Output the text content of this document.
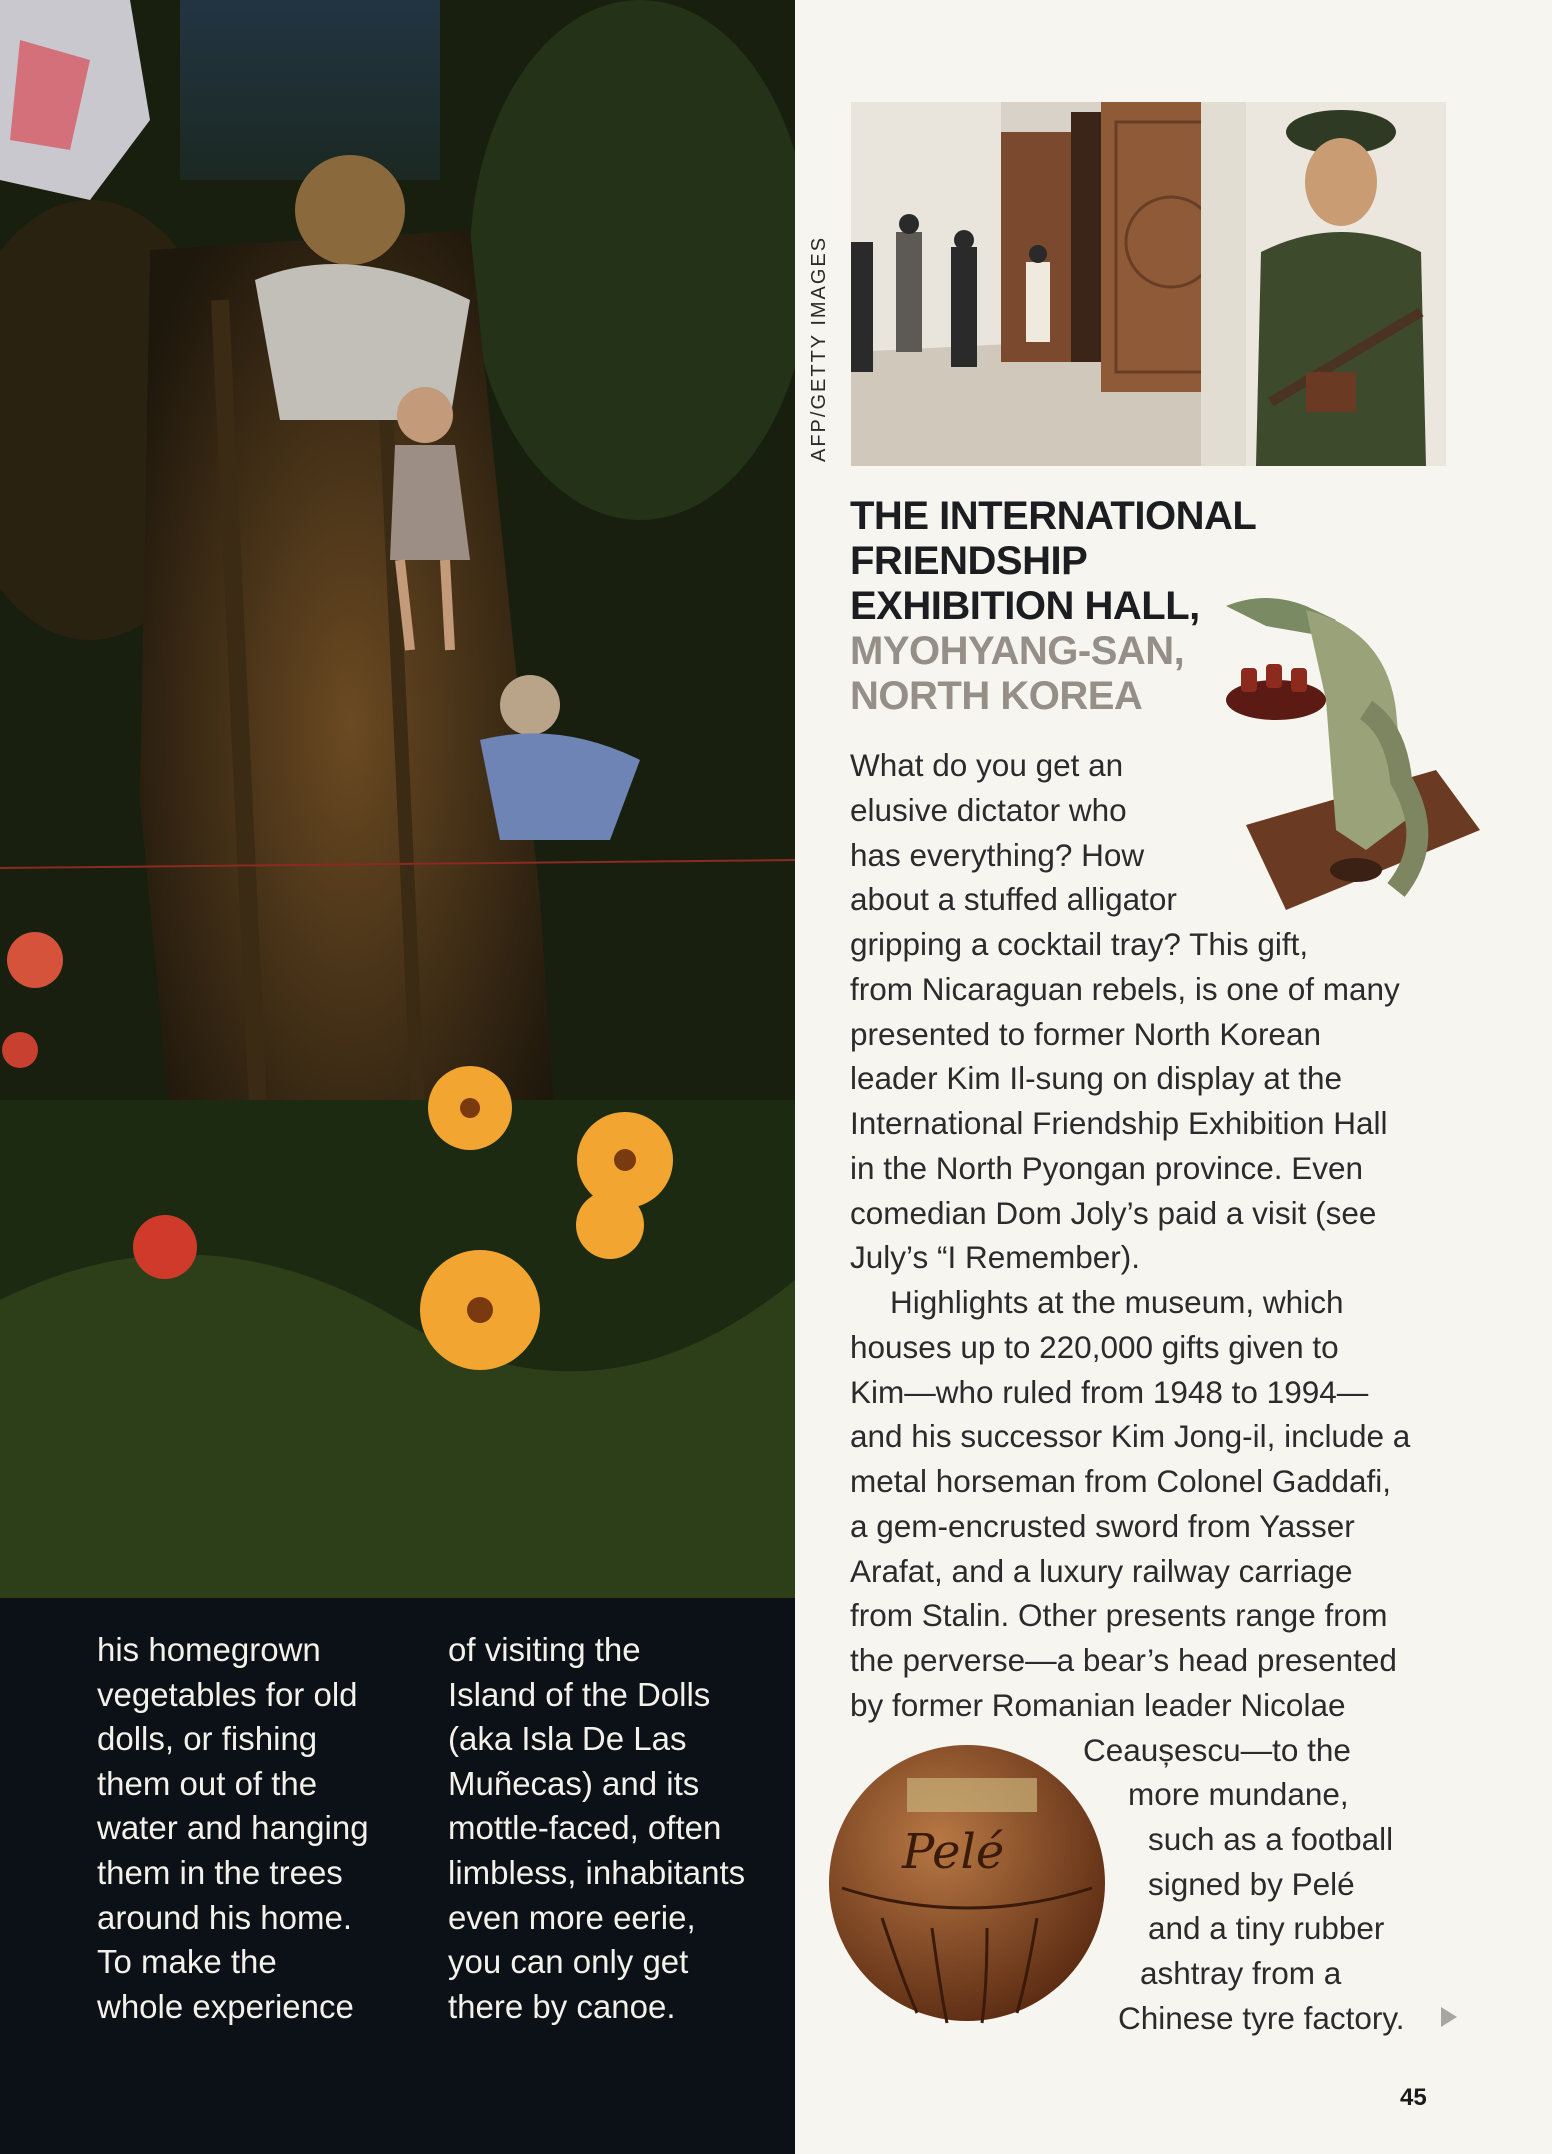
his homegrown
vegetables for old
dolls, or fishing
them out of the
water and hanging
them in the trees
around his home.
To make the
whole experience
of visiting the
Island of the Dolls
(aka Isla De Las
Muñecas) and its
mottle-faced, often
limbless, inhabitants
even more eerie,
you can only get
there by canoe.
AFP/GETTY IMAGES
THE INTERNATIONAL
FRIENDSHIP
EXHIBITION HALL,
MYOHYANG-SAN,
NORTH KOREA
Pelé
What do you get an
elusive dictator who
has everything? How
about a stuffed alligator
gripping a cocktail tray? This gift,
from Nicaraguan rebels, is one of many
presented to former North Korean
leader Kim Il-sung on display at the
International Friendship Exhibition Hall
in the North Pyongan province. Even
comedian Dom Joly’s paid a visit (see
July’s “I Remember).
Highlights at the museum, which
houses up to 220,000 gifts given to
Kim—who ruled from 1948 to 1994—
and his successor Kim Jong-il, include a
metal horseman from Colonel Gaddafi,
a gem-encrusted sword from Yasser
Arafat, and a luxury railway carriage
from Stalin. Other presents range from
the perverse—a bear’s head presented
by former Romanian leader Nicolae
Ceaușescu—to the
more mundane,
such as a football
signed by Pelé
and a tiny rubber
ashtray from a
Chinese tyre factory.
45
